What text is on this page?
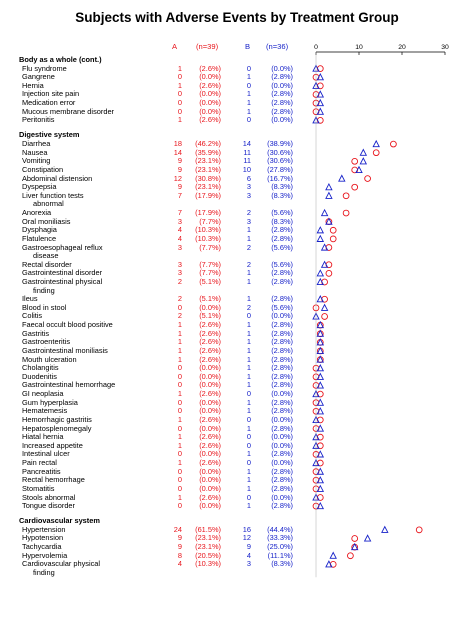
Subjects with Adverse Events by Treatment Group
A (n=39)	B (n=36)
Body as a whole (cont.)
Flu syndrome	1 (2.6%)	0	(0.0%)
Gangrene	0 (0.0%)	1	(2.8%)
Hernia	1 (2.6%)	0	(0.0%)
Injection site pain	0 (0.0%)	1	(2.8%)
Medication error	0 (0.0%)	1	(2.8%)
Mucous membrane disorder	0 (0.0%)	1	(2.8%)
Peritonitis	1 (2.6%)	0	(0.0%)
Digestive system
Diarrhea	18 (46.2%)	14 (38.9%)
Nausea	14 (35.9%)	11 (30.6%)
Vomiting	9 (23.1%)	11 (30.6%)
Constipation	9 (23.1%)	10 (27.8%)
Abdominal distension	12 (30.8%)	6 (16.7%)
Dyspepsia	9 (23.1%)	3	(8.3%)
Liver function tests	7 (17.9%)	3	(8.3%)
abnormal
Anorexia	7 (17.9%)	2	(5.6%)
Oral moniliasis	3 (7.7%)	3	(8.3%)
Dysphagia	4 (10.3%)	1	(2.8%)
Flatulence	4 (10.3%)	1	(2.8%)
Gastroesophageal reflux	3 (7.7%)	2	(5.6%)
disease
Rectal disorder	3 (7.7%)	2	(5.6%)
Gastrointestinal disorder	3 (7.7%)	1	(2.8%)
Gastrointestinal physical	2 (5.1%)	1	(2.8%)
finding
Ileus	2 (5.1%)	1	(2.8%)
Blood in stool	0 (0.0%)	2	(5.6%)
Colitis	2 (5.1%)	0	(0.0%)
Faecal occult blood positive	1 (2.6%)	1	(2.8%)
Gastritis	1 (2.6%)	1	(2.8%)
Gastroenteritis	1 (2.6%)	1	(2.8%)
Gastrointestinal moniliasis	1 (2.6%)	1	(2.8%)
Mouth ulceration	1 (2.6%)	1	(2.8%)
Cholangitis	0 (0.0%)	1	(2.8%)
Duodenitis	0 (0.0%)	1	(2.8%)
Gastrointestinal hemorrhage	0 (0.0%)	1	(2.8%)
GI neoplasia	1 (2.6%)	0	(0.0%)
Gum hyperplasia	0 (0.0%)	1	(2.8%)
Hematemesis	0 (0.0%)	1	(2.8%)
Hemorrhagic gastritis	1 (2.6%)	0	(0.0%)
Hepatosplenomegaly	0 (0.0%)	1	(2.8%)
Hiatal hernia	1 (2.6%)	0	(0.0%)
Increased appetite	1 (2.6%)	0	(0.0%)
Intestinal ulcer	0 (0.0%)	1	(2.8%)
Pain rectal	1 (2.6%)	0	(0.0%)
Pancreatitis	0 (0.0%)	1	(2.8%)
Rectal hemorrhage	0 (0.0%)	1	(2.8%)
Stomatitis	0 (0.0%)	1	(2.8%)
Stools abnormal	1 (2.6%)	0	(0.0%)
Tongue disorder	0 (0.0%)	1	(2.8%)
Cardiovascular system
Hypertension	24 (61.5%)	16 (44.4%)
Hypotension	9 (23.1%)	12 (33.3%)
Tachycardia	9 (23.1%)	9 (25.0%)
Hypervolemia	8 (20.5%)	4 (11.1%)
Cardiovascular physical	4 (10.3%)	3	(8.3%)
finding
0	10	20	30
